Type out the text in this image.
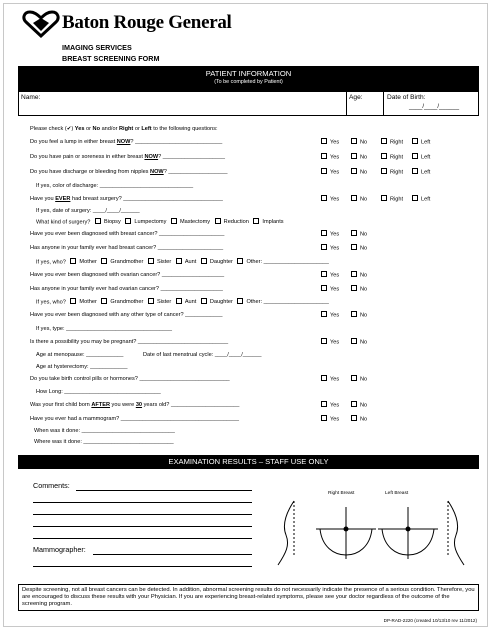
Baton Rouge General
IMAGING SERVICES
BREAST SCREENING FORM
PATIENT INFORMATION
(To be completed by Patient)
Name:	Age:	Date of Birth:
____/____/______
Please check (✔) Yes or No and/or Right or Left to the following questions:
Do you feel a lump in either breast NOW? ____________________________	Yes	No	Right	Left
Do you have pain or soreness in either breast NOW? ____________________	Yes	No	Right	Left
Do you have discharge or bleeding from nipples NOW? ___________________	Yes	No	Right	Left
If yes, color of discharge: ______________________________
Have you EVER had breast surgery? ________________________________	Yes	No	Right	Left
If yes, date of surgery: ____/____/______
What kind of surgery? Biopsy Lumpectomy Mastectomy Reduction Implants
Have you ever been diagnosed with breast cancer? _____________________	Yes	No
Has anyone in your family ever had breast cancer? _____________________	Yes	No
If yes, who? Mother Grandmother Sister Aunt Daughter Other: _____________________
Have you ever been diagnosed with ovarian cancer? ____________________	Yes	No
Has anyone in your family ever had ovarian cancer? ____________________	Yes	No
If yes, who? Mother Grandmother Sister Aunt Daughter Other: _____________________
Have you ever been diagnosed with any other type of cancer? ____________	Yes	No
If yes, type: __________________________________
Is there a possibility you may be pregnant? _____________________________	Yes	No
Age at menopause: ____________	Date of last menstrual cycle: ____/____/______
Age at hysterectomy: ____________
Do you take birth control pills or hormones? _____________________________	Yes	No
How Long: _______________________________
Was your first child born AFTER you were 30 years old? ______________________	Yes	No
Have you ever had a mammogram? ______________________________________	Yes	No
When was it done: ______________________________
Where was it done: _____________________________
EXAMINATION RESULTS – STAFF USE ONLY
Comments:
Mammographer:
Right Breast	Left Breast
Despite screening, not all breast cancers can be detected. In addition, abnormal screening results do not necessarily indicate the presence of a serious condition. Therefore, you are encouraged to discuss these results with your Physician. If you are experiencing breast-related symptoms, please see your doctor regardless of the outcome of the screening program.
DP-RAD-2220 (created 10/13/10 rev 11/2012)
